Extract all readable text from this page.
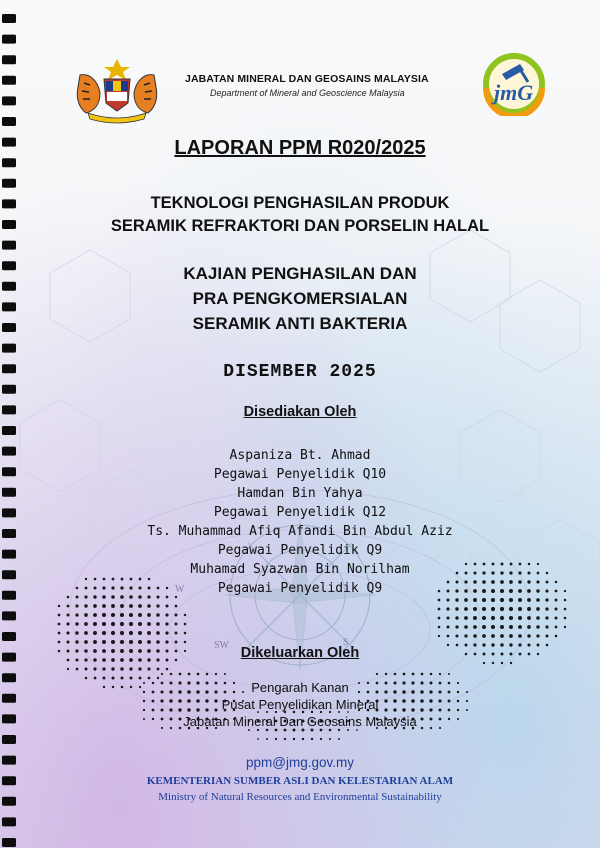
JABATAN MINERAL DAN GEOSAINS MALAYSIA
Department of Mineral and Geoscience Malaysia	jmG

LAPORAN PPM R020/2025

TEKNOLOGI PENGHASILAN PRODUK

SERAMIK REFRAKTORI DAN PORSELIN HALAL

KAJIAN PENGHASILAN DAN

PRA PENGKOMERSIALAN

SERAMIK ANTI BAKTERIA

DISEMBER 2025

Disediakan Oleh

Aspaniza Bt. Ahmad

Pegawai Penyelidik Q10

Hamdan Bin Yahya

Pegawai Penyelidik Q12

Ts. Muhammad Afiq Afandi Bin Abdul Aziz

Pegawai Penyelidik Q9

Muhamad Syazwan Bin Norilham

Pegawai Penyelidik Q9

W
SW	S

Dikeluarkan Oleh

Pengarah Kanan

Pusat Penyelidikan Mineral

Jabatan Mineral Dan Geosains Malaysia

ppm@jmg.gov.my

KEMENTERIAN SUMBER ASLI DAN KELESTARIAN ALAM

Ministry of Natural Resources and Environmental Sustainability
